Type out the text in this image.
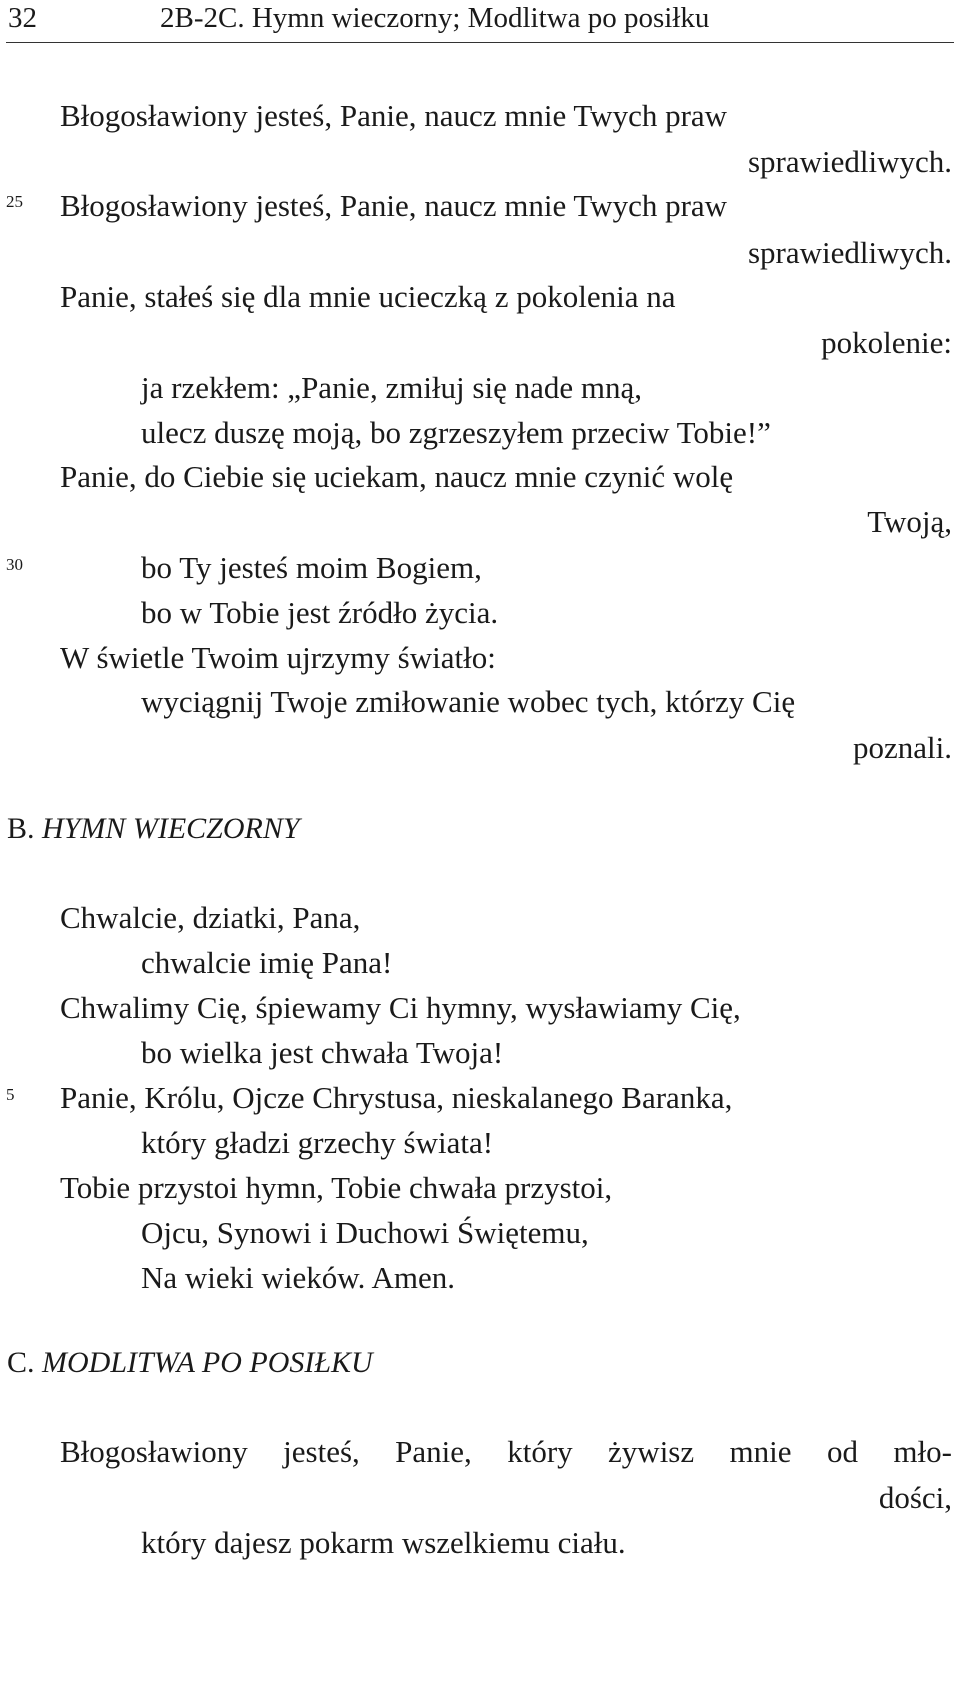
32	2B-2C. Hymn wieczorny; Modlitwa po posiłku
Błogosławiony jesteś, Panie, naucz mnie Twych praw
sprawiedliwych.
25 Błogosławiony jesteś, Panie, naucz mnie Twych praw
sprawiedliwych.
Panie, stałeś się dla mnie ucieczką z pokolenia na
pokolenie:
ja rzekłem: „Panie, zmiłuj się nade mną,
ulecz duszę moją, bo zgrzeszyłem przeciw Tobie!”
Panie, do Ciebie się uciekam, naucz mnie czynić wolę
Twoją,
30	bo Ty jesteś moim Bogiem,
bo w Tobie jest źródło życia.
W świetle Twoim ujrzymy światło:
wyciągnij Twoje zmiłowanie wobec tych, którzy Cię
poznali.
B. HYMN WIECZORNY
Chwalcie, dziatki, Pana,
chwalcie imię Pana!
Chwalimy Cię, śpiewamy Ci hymny, wysławiamy Cię,
bo wielka jest chwała Twoja!
5 Panie, Królu, Ojcze Chrystusa, nieskalanego Baranka,
który gładzi grzechy świata!
Tobie przystoi hymn, Tobie chwała przystoi,
Ojcu, Synowi i Duchowi Świętemu,
Na wieki wieków. Amen.
C. MODLITWA PO POSIŁKU
Błogosławiony jesteś, Panie, który żywisz mnie od mło-
dości,
który dajesz pokarm wszelkiemu ciału.
